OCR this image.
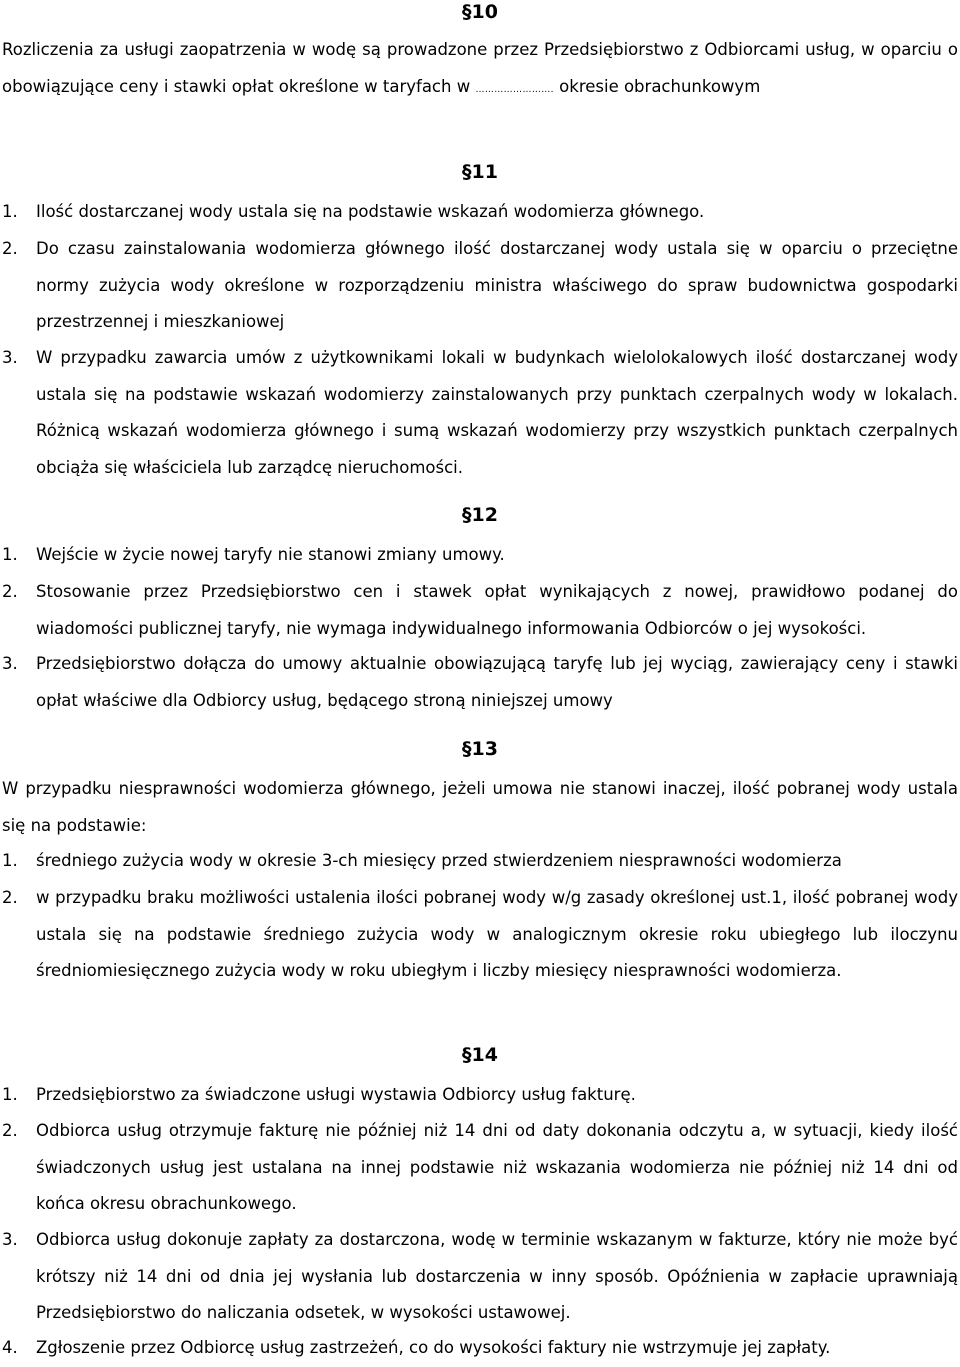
§10

Rozliczenia za usługi zaopatrzenia w wodę są prowadzone przez Przedsiębiorstwo z Odbiorcami usług, w oparciu o obowiązujące ceny i stawki opłat określone w taryfach w ……………………. okresie obrachunkowym

§11
1.	Ilość dostarczanej wody ustala się na podstawie wskazań wodomierza głównego.
2.	Do czasu zainstalowania wodomierza głównego ilość dostarczanej wody ustala się w oparciu o przeciętne normy zużycia wody określone w rozporządzeniu ministra właściwego do spraw budownictwa gospodarki przestrzennej i mieszkaniowej
3.	W przypadku zawarcia umów z użytkownikami lokali w budynkach wielolokalowych ilość dostarczanej wody ustala się na podstawie wskazań wodomierzy zainstalowanych przy punktach czerpalnych wody w lokalach. Różnicą wskazań wodomierza głównego i sumą wskazań wodomierzy przy wszystkich punktach czerpalnych obciąża się właściciela lub zarządcę nieruchomości.
§12
1.	Wejście w życie nowej taryfy nie stanowi zmiany umowy.
2.	Stosowanie przez Przedsiębiorstwo cen i stawek opłat wynikających z nowej, prawidłowo podanej do wiadomości publicznej taryfy, nie wymaga indywidualnego informowania Odbiorców o jej wysokości.
3.	Przedsiębiorstwo dołącza do umowy aktualnie obowiązującą taryfę lub jej wyciąg, zawierający ceny i stawki opłat właściwe dla Odbiorcy usług, będącego stroną niniejszej umowy
§13

W przypadku niesprawności wodomierza głównego, jeżeli umowa nie stanowi inaczej, ilość pobranej wody ustala się na podstawie:

1.	średniego zużycia wody w okresie 3-ch miesięcy przed stwierdzeniem niesprawności wodomierza
2.	w przypadku braku możliwości ustalenia ilości pobranej wody w/g zasady określonej ust.1, ilość pobranej wody ustala się na podstawie średniego zużycia wody w analogicznym okresie roku ubiegłego lub iloczynu średniomiesięcznego zużycia wody w roku ubiegłym i liczby miesięcy niesprawności wodomierza.
§14
1.	Przedsiębiorstwo za świadczone usługi wystawia Odbiorcy usług fakturę.
2.	Odbiorca usług otrzymuje fakturę nie później niż 14 dni od daty dokonania odczytu a, w sytuacji, kiedy ilość świadczonych usług jest ustalana na innej podstawie niż wskazania wodomierza nie później niż 14 dni od końca okresu obrachunkowego.
3.	Odbiorca usług dokonuje zapłaty za dostarczona, wodę w terminie wskazanym w fakturze, który nie może być krótszy niż 14 dni od dnia jej wysłania lub dostarczenia w inny sposób. Opóźnienia w zapłacie uprawniają Przedsiębiorstwo do naliczania odsetek, w wysokości ustawowej.
4.	Zgłoszenie przez Odbiorcę usług zastrzeżeń, co do wysokości faktury nie wstrzymuje jej zapłaty.
